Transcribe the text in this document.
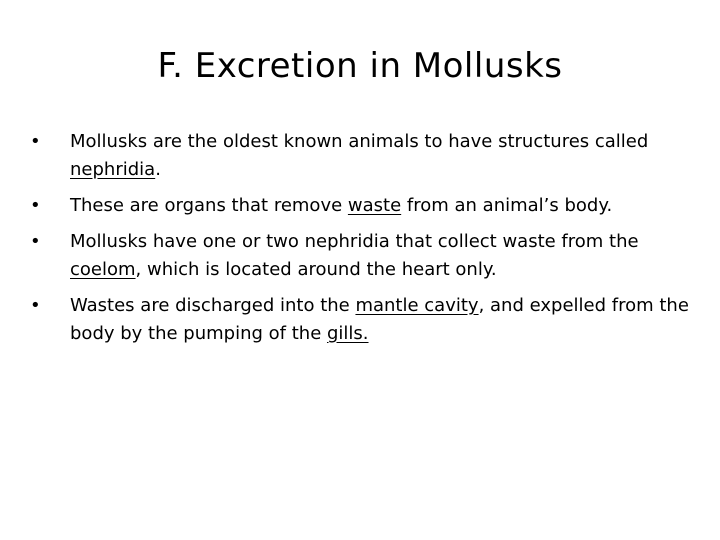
F. Excretion in Mollusks
•	Mollusks are the oldest known animals to have structures called nephridia.
•	These are organs that remove waste from an animal’s body.
•	Mollusks have one or two nephridia that collect waste from the coelom, which is located around the heart only.
•	Wastes are discharged into the mantle cavity, and expelled from the body by the pumping of the gills.
